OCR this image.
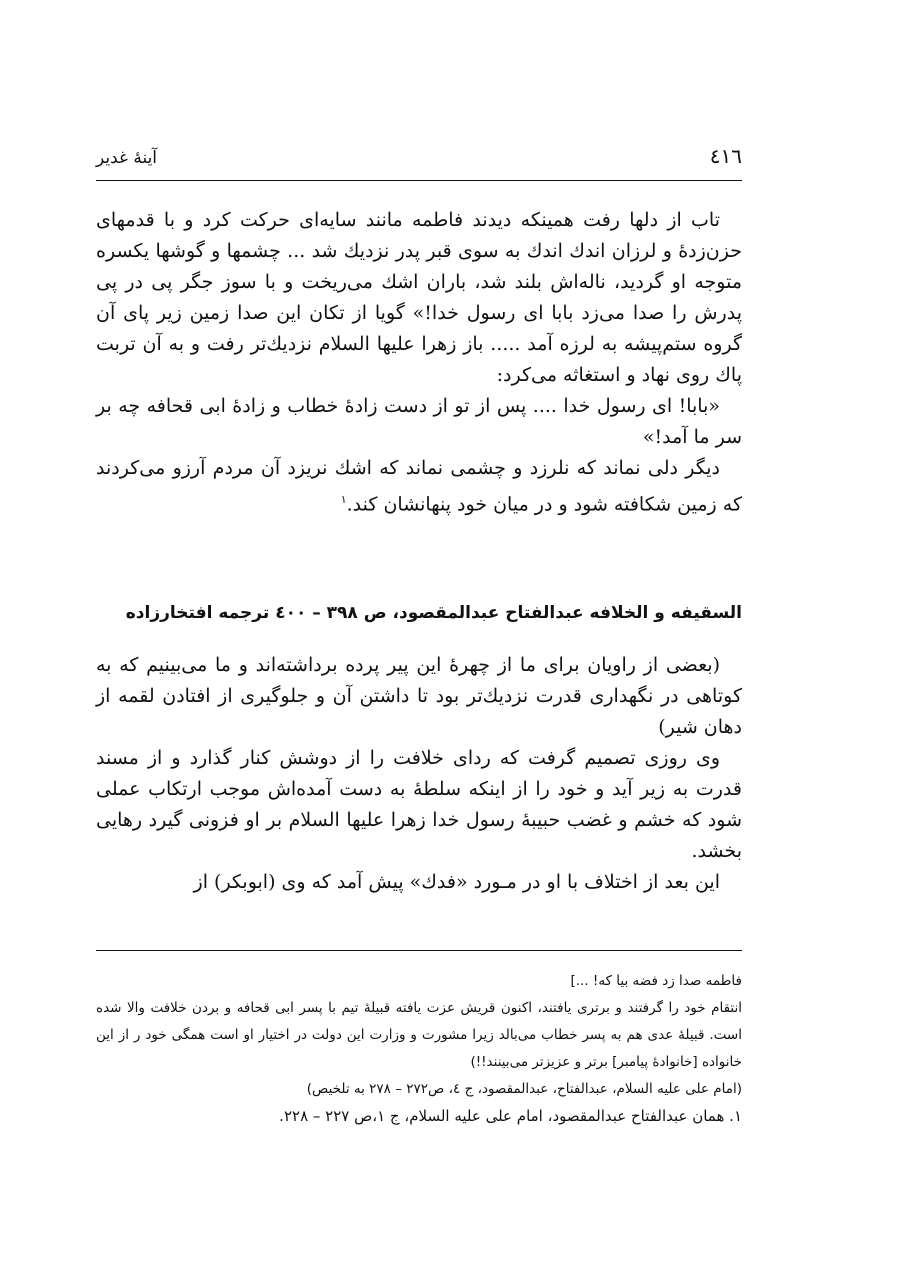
٤١٦
آينهٔ غدير

تاب از دلها رفت همينكه ديدند فاطمه مانند سايه‌اى حركت كرد و با قدمهاى حزن‌زدهٔ و لرزان اندك اندك به سوى قبر پدر نزديك شد ... چشمها و گوشها يكسره متوجه او گرديد، ناله‌اش بلند شد، باران اشك مى‌ريخت و با سوز جگر پى در پى پدرش را صدا مى‌زد بابا اى رسول خدا!» گويا از تكان اين صدا زمين زير پاى آن گروه ستم‌پيشه به لرزه آمد ..... باز زهرا عليها السلام نزديك‌تر رفت و به آن تربت پاك روى نهاد و استغاثه مى‌كرد:

«بابا! اى رسول خدا .... پس از تو از دست زادهٔ خطاب و زادهٔ ابى قحافه چه بر سر ما آمد!»

ديگر دلى نماند كه نلرزد و چشمى نماند كه اشك نريزد آن مردم آرزو مى‌كردند كه زمين شكافته شود و در ميان خود پنهانشان كند.$^١$

السقيفه و الخلافه عبدالفتاح عبدالمقصود، ص ٣٩٨ – ٤٠٠ ترجمه افتخارزاده

(بعضى از راويان براى ما از چهرهٔ اين پير پرده برداشته‌اند و ما مى‌بينيم كه به كوتاهى در نگهدارى قدرت نزديك‌تر بود تا داشتن آن و جلوگيرى از افتادن لقمه از دهان شير)

وى روزى تصميم گرفت كه رداى خلافت را از دوشش كنار گذارد و از مسند قدرت به زير آيد و خود را از اينكه سلطهٔ به دست آمده‌اش موجب ارتكاب عملى شود كه خشم و غضب حبيبهٔ رسول خدا زهرا عليها السلام بر او فزونى گيرد رهايى بخشد.

اين بعد از اختلاف با او در مـورد «فدك» پيش آمد كه وى (ابوبكر) از

فاطمه صدا زد فضه بيا كه! ...]

انتقام خود را گرفتند و برترى يافتند، اكنون قريش عزت يافته قبيلهٔ تيم با پسر ابى قحافه و بردن خلافت والا شده است. قبيلهٔ عدى هم به پسر خطاب مى‌بالد زيرا مشورت و وزارت اين دولت در اختيار او است همگى خود ر از اين خانواده [خانوادهٔ پيامبر] برتر و عزيزتر مى‌بينند!!)

(امام على عليه السلام، عبدالفتاح، عبدالمقصود، ج ٤، ص٢٧٢ – ٢٧٨ به تلخيص)

١. همان عبدالفتاح عبدالمقصود، امام على عليه السلام، ج ١،ص ٢٢٧ – ٢٢٨.
